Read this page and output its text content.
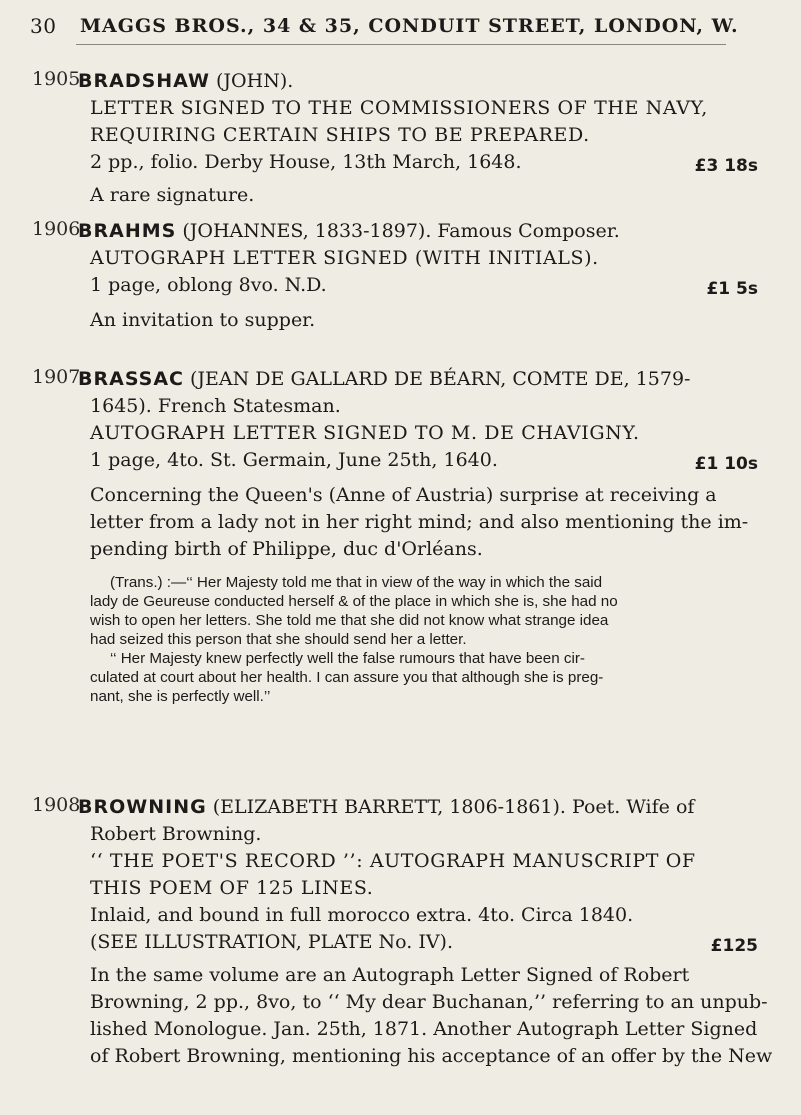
30 MAGGS BROS., 34 & 35, CONDUIT STREET, LONDON, W.
1905
BRADSHAW (JOHN).
LETTER SIGNED TO THE COMMISSIONERS OF THE NAVY,
REQUIRING CERTAIN SHIPS TO BE PREPARED.
2 pp., folio. Derby House, 13th March, 1648.	£3 18s
A rare signature.
1906
BRAHMS (JOHANNES, 1833-1897). Famous Composer.
AUTOGRAPH LETTER SIGNED (WITH INITIALS).
1 page, oblong 8vo. N.D.	£1 5s
An invitation to supper.
1907
BRASSAC (JEAN DE GALLARD DE BÉARN, COMTE DE, 1579-
1645). French Statesman.
AUTOGRAPH LETTER SIGNED TO M. DE CHAVIGNY.
1 page, 4to. St. Germain, June 25th, 1640.	£1 10s
Concerning the Queen's (Anne of Austria) surprise at receiving a
letter from a lady not in her right mind; and also mentioning the im-
pending birth of Philippe, duc d'Orléans.
(Trans.) :—‘‘ Her Majesty told me that in view of the way in which the said
lady de Geureuse conducted herself & of the place in which she is, she had no
wish to open her letters. She told me that she did not know what strange idea
had seized this person that she should send her a letter.
‘‘ Her Majesty knew perfectly well the false rumours that have been cir-
culated at court about her health. I can assure you that although she is preg-
nant, she is perfectly well.’’
1908
BROWNING (ELIZABETH BARRETT, 1806-1861). Poet. Wife of
Robert Browning.
‘‘ THE POET'S RECORD ’’: AUTOGRAPH MANUSCRIPT OF
THIS POEM OF 125 LINES.
Inlaid, and bound in full morocco extra. 4to. Circa 1840.
(SEE ILLUSTRATION, PLATE No. IV).	£125
In the same volume are an Autograph Letter Signed of Robert
Browning, 2 pp., 8vo, to ‘‘ My dear Buchanan,’’ referring to an unpub-
lished Monologue. Jan. 25th, 1871. Another Autograph Letter Signed
of Robert Browning, mentioning his acceptance of an offer by the New
